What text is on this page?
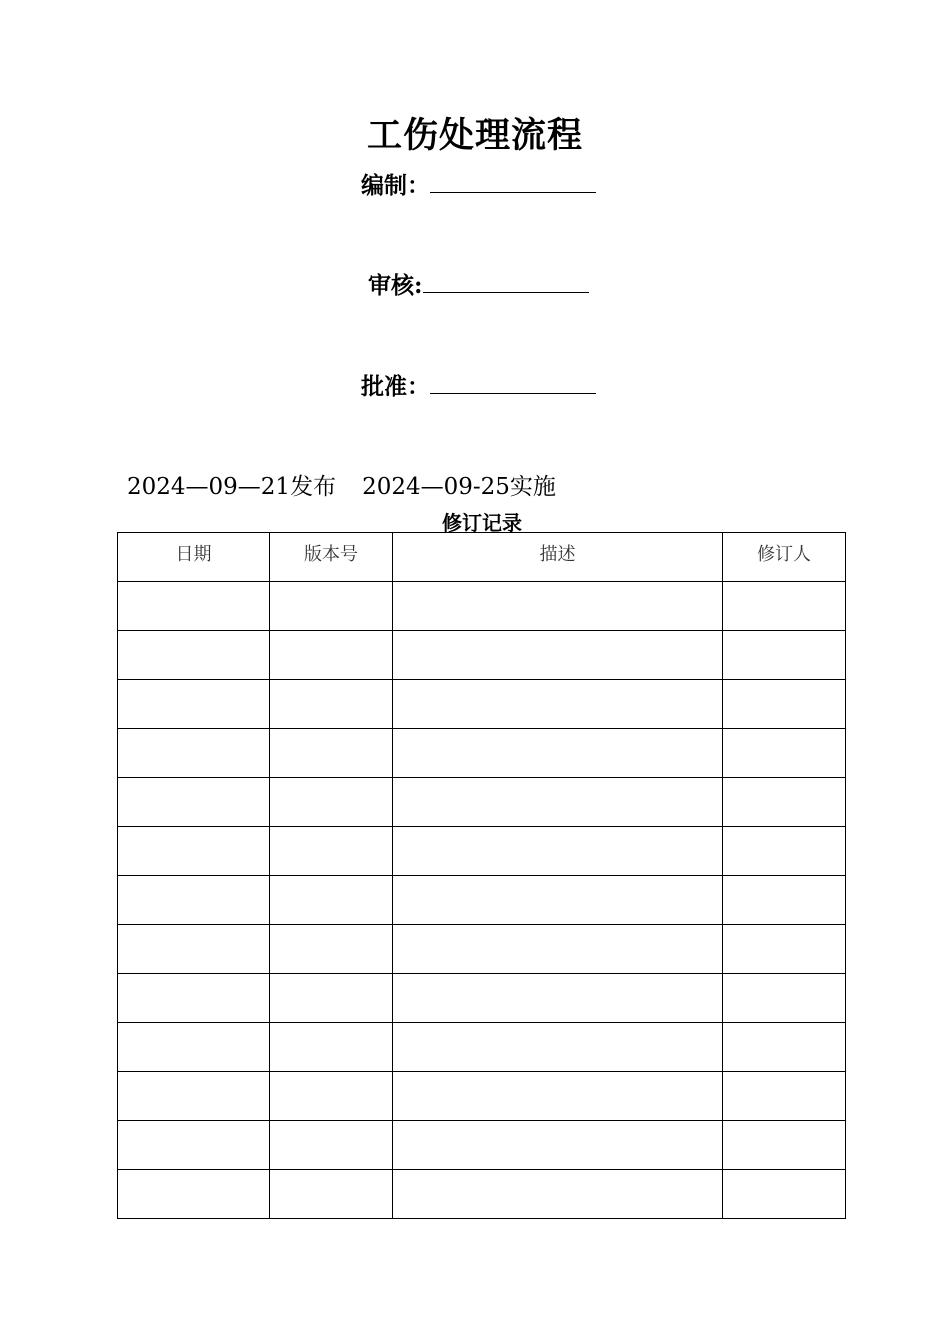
工伤处理流程
编制：
审核:
批准：
2024—09—21发布 2024—09-25实施
修订记录
日期	版本号	描述	修订人
